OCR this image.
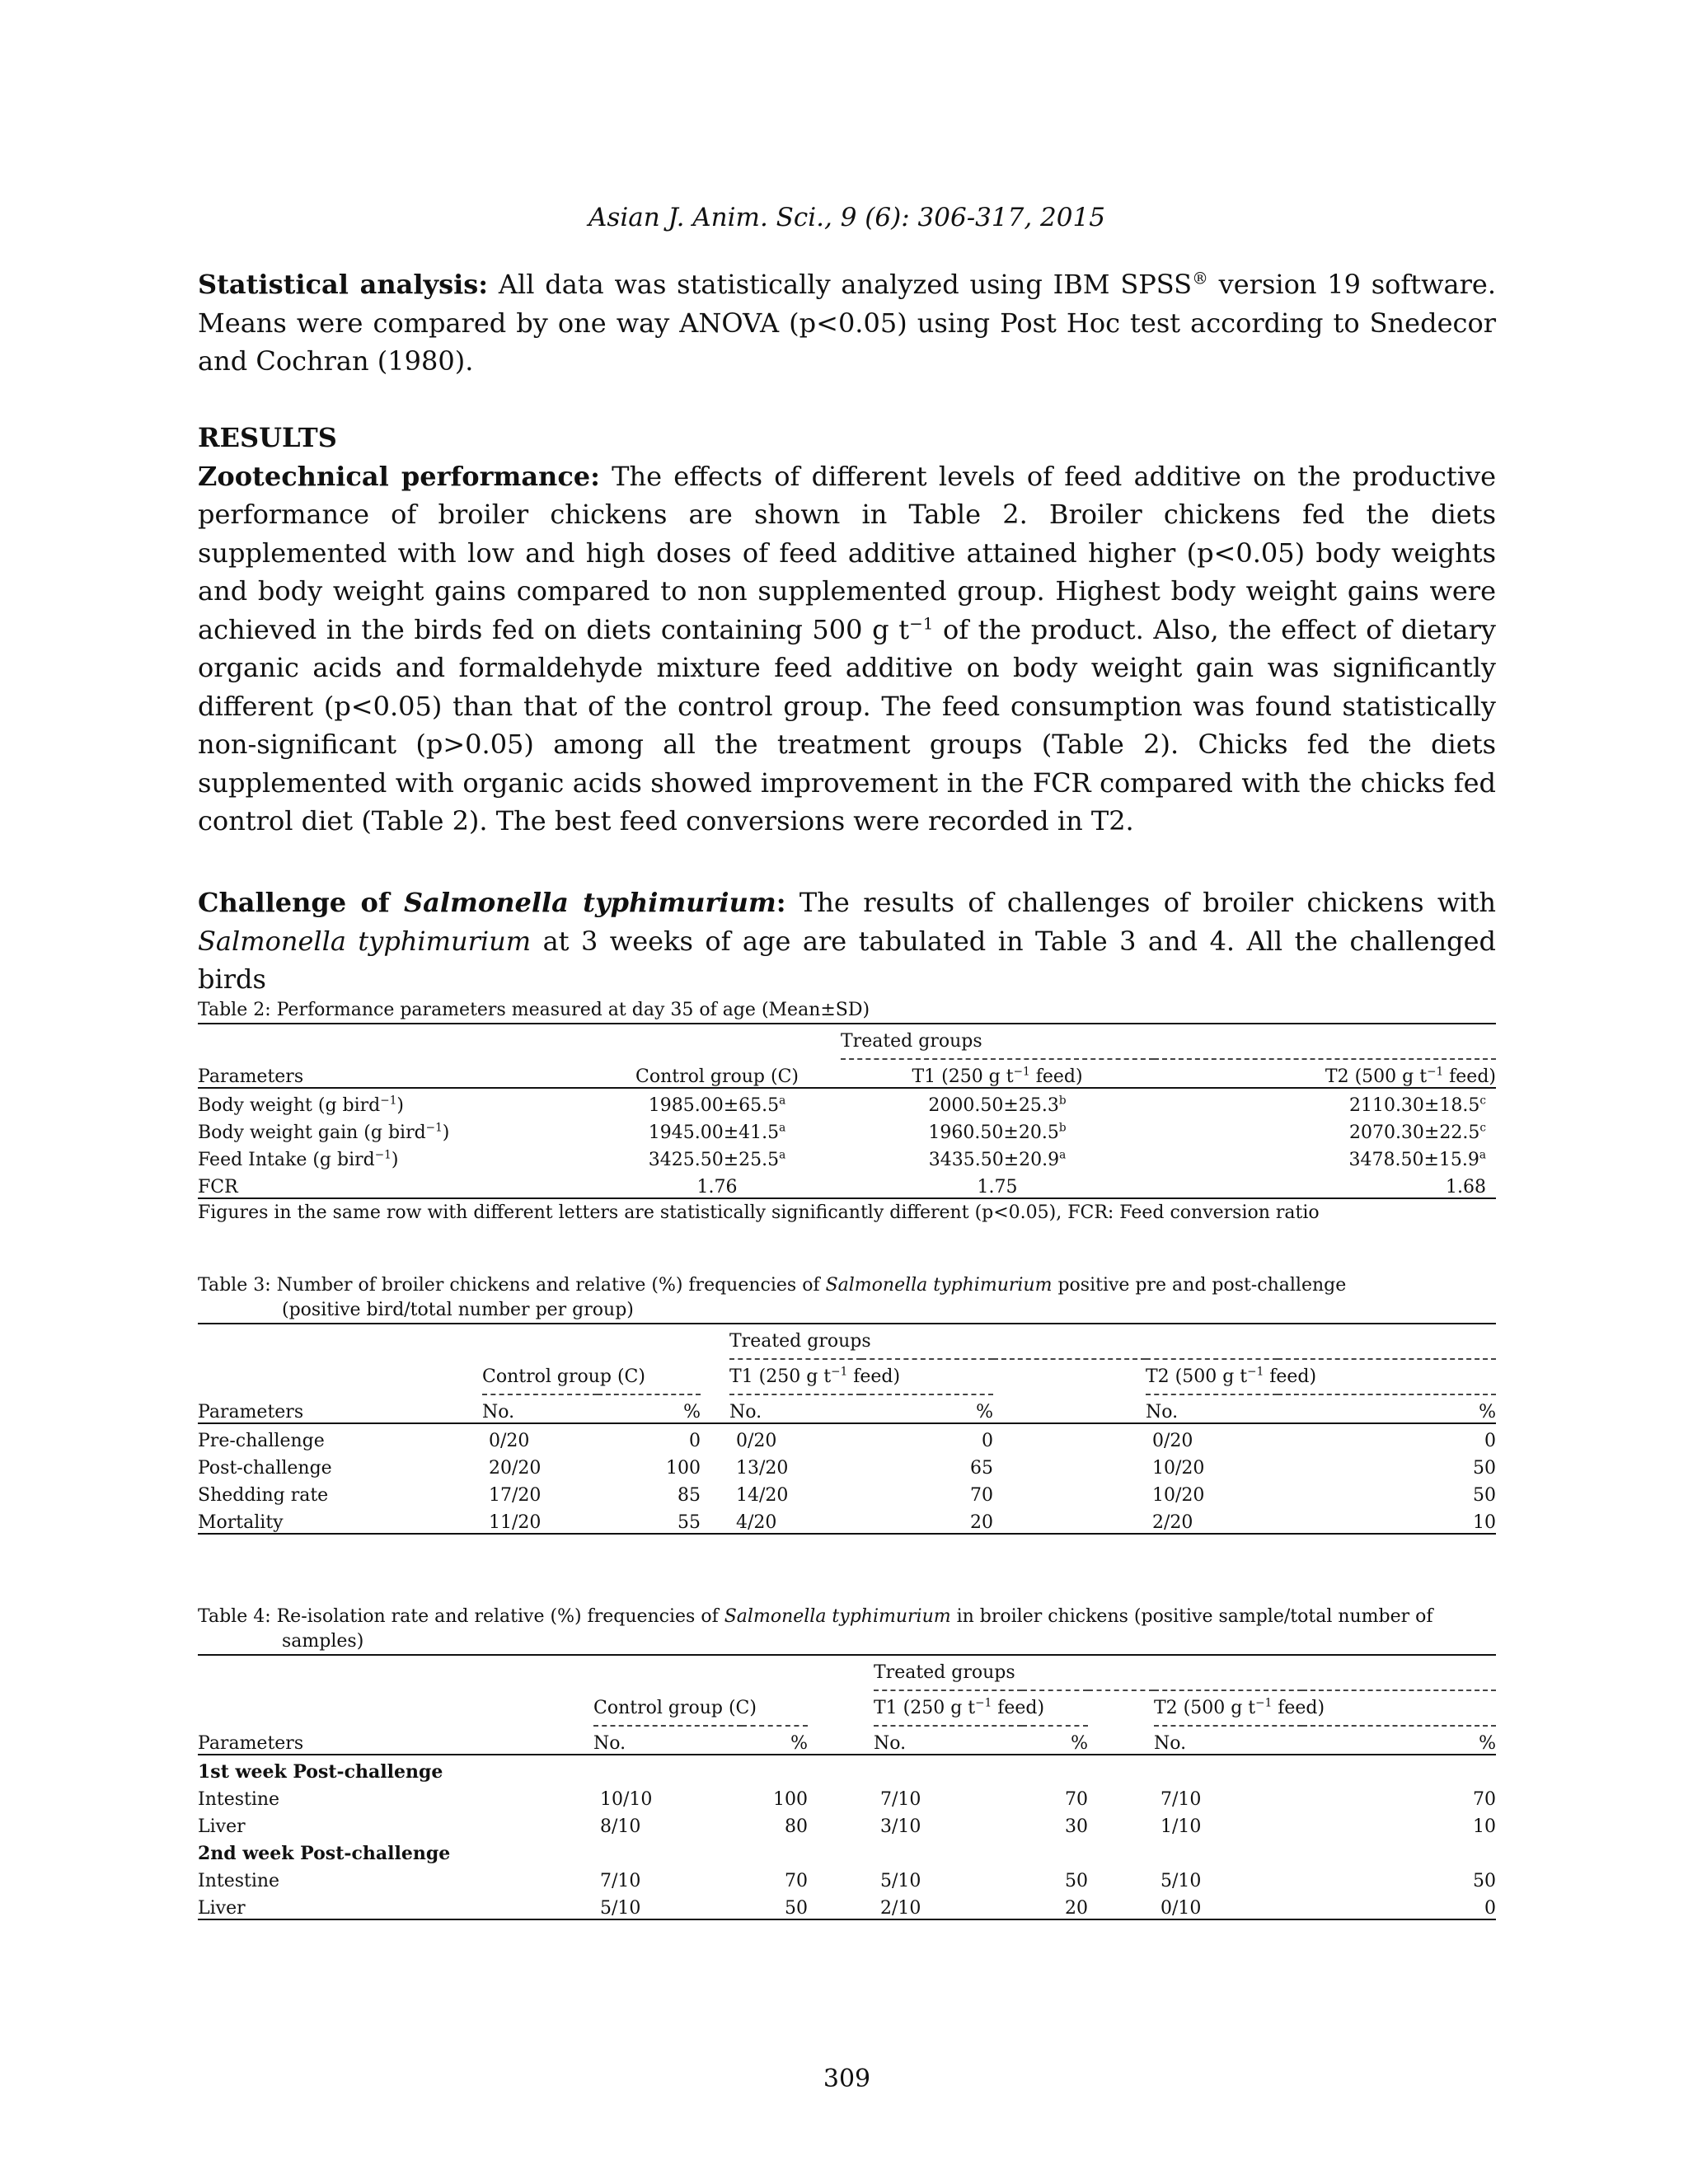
Asian J. Anim. Sci., 9 (6): 306-317, 2015

Statistical analysis: All data was statistically analyzed using IBM SPSS® version 19 software. Means were compared by one way ANOVA (p<0.05) using Post Hoc test according to Snedecor and Cochran (1980).

RESULTS

Zootechnical performance: The effects of different levels of feed additive on the productive performance of broiler chickens are shown in Table 2. Broiler chickens fed the diets supplemented with low and high doses of feed additive attained higher (p<0.05) body weights and body weight gains compared to non supplemented group. Highest body weight gains were achieved in the birds fed on diets containing 500 g $t^{-1}$ of the product. Also, the effect of dietary organic acids and formaldehyde mixture feed additive on body weight gain was significantly different (p<0.05) than that of the control group. The feed consumption was found statistically non-significant (p>0.05) among all the treatment groups (Table 2). Chicks fed the diets supplemented with organic acids showed improvement in the FCR compared with the chicks fed control diet (Table 2). The best feed conversions were recorded in T2.

Challenge of Salmonella typhimurium: The results of challenges of broiler chickens with Salmonella typhimurium at 3 weeks of age are tabulated in Table 3 and 4. All the challenged birds

Table 2: Performance parameters measured at day 35 of age (Mean±SD)

		Treated groups	
Parameters	Control group (C)	T1 (250 g $t^{-1}$ feed)	T2 (500 g $t^{-1}$ feed)
Body weight (g bird$^{-1}$)	1985.00±65.5$^a$	2000.50±25.3$^b$	2110.30±18.5$^c$
Body weight gain (g bird$^{-1}$)	1945.00±41.5$^a$	1960.50±20.5$^b$	2070.30±22.5$^c$
Feed Intake (g bird$^{-1}$)	3425.50±25.5$^a$	3435.50±20.9$^a$	3478.50±15.9$^a$
FCR	1.76	1.75	1.68
Figures in the same row with different letters are statistically significantly different (p<0.05), FCR: Feed conversion ratio

Table 3: Number of broiler chickens and relative (%) frequencies of Salmonella typhimurium positive pre and post-challenge
(positive bird/total number per group)

				Treated groups				
	Control group (C)			T1 (250 g $t^{-1}$ feed)			T2 (500 g $t^{-1}$ feed)	
Parameters	No.	%		No.	%		No.	%
Pre-challenge	0/20	0		0/20	0		0/20	0
Post-challenge	20/20	100		13/20	65		10/20	50
Shedding rate	17/20	85		14/20	70		10/20	50
Mortality	11/20	55		4/20	20		2/20	10

Table 4: Re-isolation rate and relative (%) frequencies of Salmonella typhimurium in broiler chickens (positive sample/total number of
samples)

				Treated groups				
	Control group (C)			T1 (250 g $t^{-1}$ feed)			T2 (500 g $t^{-1}$ feed)	
Parameters	No.	%		No.	%		No.	%
1st week Post-challenge								
Intestine	10/10	100		7/10	70		7/10	70
Liver	8/10	80		3/10	30		1/10	10
2nd week Post-challenge								
Intestine	7/10	70		5/10	50		5/10	50
Liver	5/10	50		2/10	20		0/10	0
309
